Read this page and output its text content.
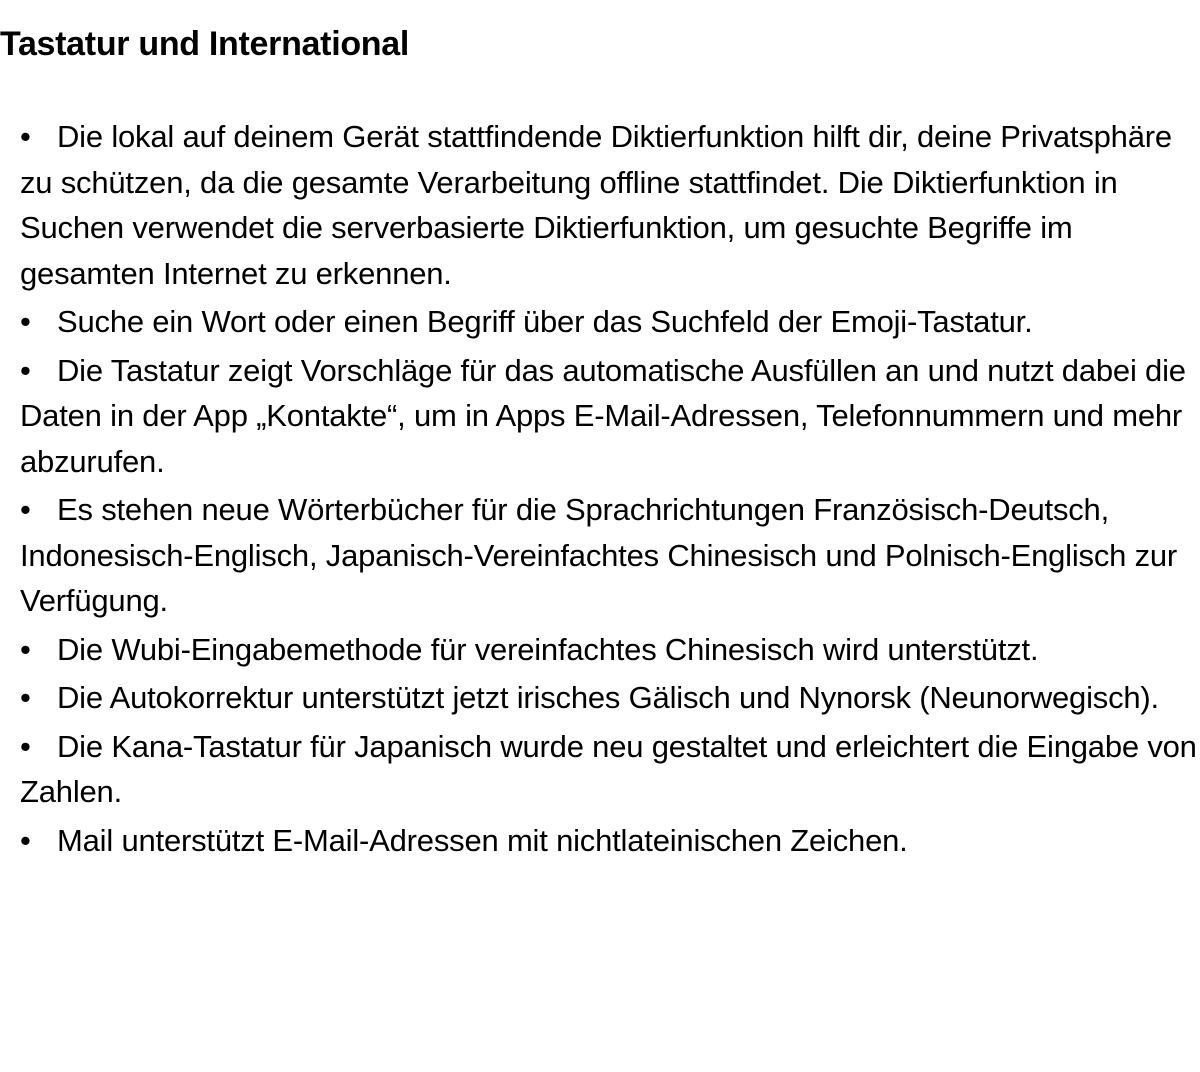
Tastatur und International
• Die lokal auf deinem Gerät stattfindende Diktierfunktion hilft dir, deine Privatsphäre zu schützen, da die gesamte Verarbeitung offline stattfindet. Die Diktierfunktion in Suchen verwendet die serverbasierte Diktierfunktion, um gesuchte Begriffe im gesamten Internet zu erkennen.
• Suche ein Wort oder einen Begriff über das Suchfeld der Emoji-Tastatur.
• Die Tastatur zeigt Vorschläge für das automatische Ausfüllen an und nutzt dabei die Daten in der App „Kontakte“, um in Apps E-Mail-Adressen, Telefonnummern und mehr abzurufen.
• Es stehen neue Wörterbücher für die Sprachrichtungen Französisch-Deutsch, Indonesisch-Englisch, Japanisch-Vereinfachtes Chinesisch und Polnisch-Englisch zur Verfügung.
• Die Wubi-Eingabemethode für vereinfachtes Chinesisch wird unterstützt.
• Die Autokorrektur unterstützt jetzt irisches Gälisch und Nynorsk (Neunorwegisch).
• Die Kana-Tastatur für Japanisch wurde neu gestaltet und erleichtert die Eingabe von Zahlen.
• Mail unterstützt E-Mail-Adressen mit nichtlateinischen Zeichen.
